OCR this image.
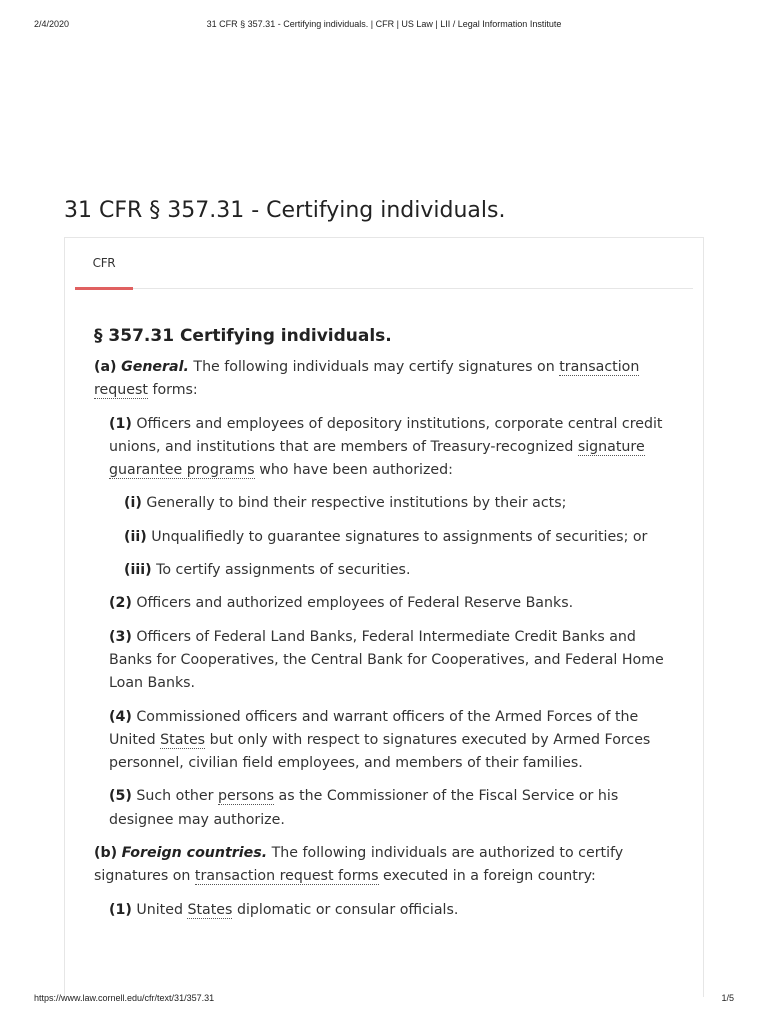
2/4/2020	31 CFR § 357.31 - Certifying individuals. | CFR | US Law | LII / Legal Information Institute
31 CFR § 357.31 - Certifying individuals.
CFR
§ 357.31 Certifying individuals.

(a) General. The following individuals may certify signatures on transaction request forms:

(1) Officers and employees of depository institutions, corporate central credit unions, and institutions that are members of Treasury-recognized signature guarantee programs who have been authorized:

(i) Generally to bind their respective institutions by their acts;

(ii) Unqualifiedly to guarantee signatures to assignments of securities; or

(iii) To certify assignments of securities.

(2) Officers and authorized employees of Federal Reserve Banks.

(3) Officers of Federal Land Banks, Federal Intermediate Credit Banks and Banks for Cooperatives, the Central Bank for Cooperatives, and Federal Home Loan Banks.

(4) Commissioned officers and warrant officers of the Armed Forces of the United States but only with respect to signatures executed by Armed Forces personnel, civilian field employees, and members of their families.

(5) Such other persons as the Commissioner of the Fiscal Service or his designee may authorize.

(b) Foreign countries. The following individuals are authorized to certify signatures on transaction request forms executed in a foreign country:

(1) United States diplomatic or consular officials.

https://www.law.cornell.edu/cfr/text/31/357.31	1/5
